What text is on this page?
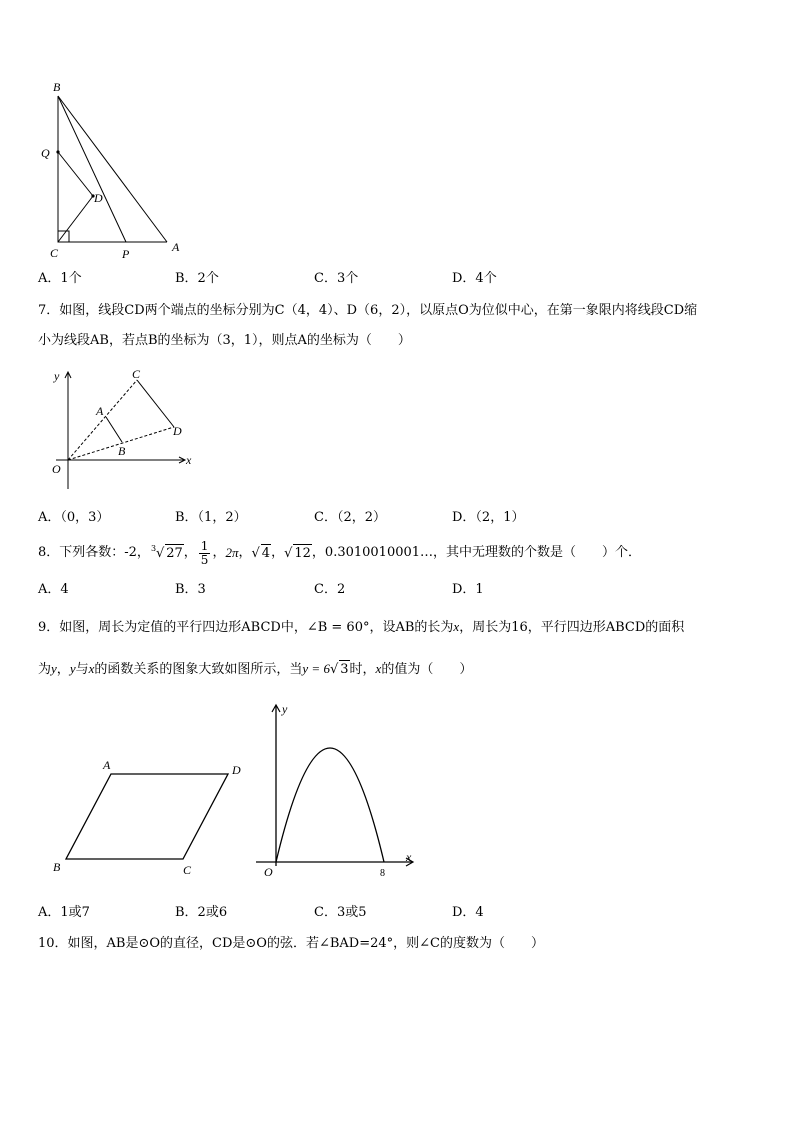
B
Q
D
C	P	A
A．1个	B．2个	C．3个	D．4个
7．如图，线段CD两个端点的坐标分别为C（4，4）、D（6，2），以原点O为位似中心，在第一象限内将线段CD缩
小为线段AB，若点B的坐标为（3，1），则点A的坐标为（　　）
y
x
O
A
B
C
D
A．（0，3）	B．（1，2）	C．（2，2）	D．（2，1）
8．下列各数：-2， 3 √ 27 ， $\frac{1}{5}$ ， 2π ， √ 4 ， √ 12 ，0.3010010001…，其中无理数的个数是（　　）个．
A．4	B．3	C．2	D．1
9．如图，周长为定值的平行四边形ABCD中，∠B = 60°，设AB的长为x，周长为16，平行四边形ABCD的面积
为y，y与x的函数关系的图象大致如图所示，当y = 6√ 3时，x的值为（　　）
A	D
B	C
y
x
O	8
A．1或7	B．2或6	C．3或5	D．4
10．如图，AB是⊙O的直径，CD是⊙O的弦．若∠BAD=24°，则∠C的度数为（　　）
